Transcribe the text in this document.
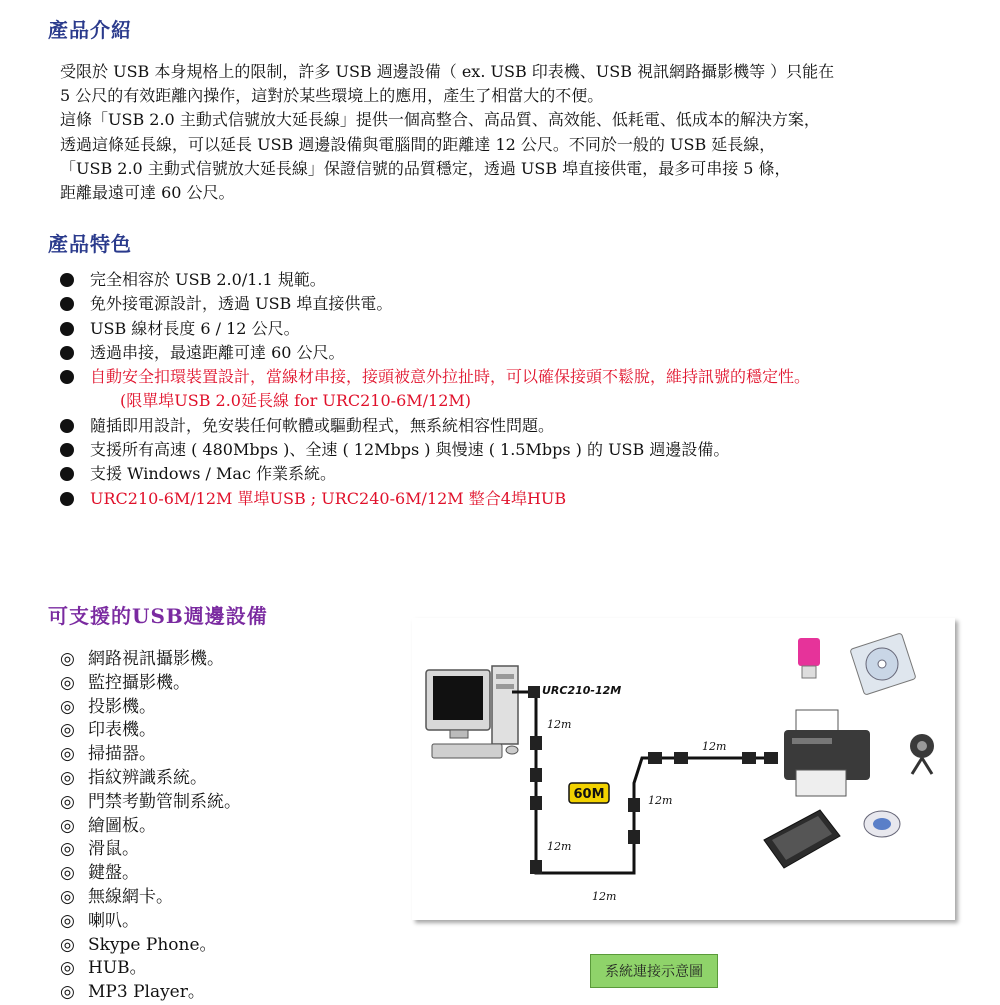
產品介紹

受限於 USB 本身規格上的限制，許多 USB 週邊設備（ ex. USB 印表機、USB 視訊網路攝影機等 ）只能在

5 公尺的有效距離內操作，這對於某些環境上的應用，產生了相當大的不便。

這條「USB 2.0 主動式信號放大延長線」提供一個高整合、高品質、高效能、低耗電、低成本的解決方案，

透過這條延長線，可以延長 USB 週邊設備與電腦間的距離達 12 公尺。不同於一般的 USB 延長線，

「USB 2.0 主動式信號放大延長線」保證信號的品質穩定，透過 USB 埠直接供電，最多可串接 5 條，

距離最遠可達 60 公尺。

產品特色
完全相容於 USB 2.0/1.1 規範。
免外接電源設計，透過 USB 埠直接供電。
USB 線材長度 6 / 12 公尺。
透過串接，最遠距離可達 60 公尺。
自動安全扣環裝置設計，當線材串接，接頭被意外拉扯時，可以確保接頭不鬆脫，維持訊號的穩定性。
(限單埠USB 2.0延長線 for URC210-6M/12M)
隨插即用設計，免安裝任何軟體或驅動程式，無系統相容性問題。
支援所有高速 ( 480Mbps )、全速 ( 12Mbps ) 與慢速 ( 1.5Mbps ) 的 USB 週邊設備。
支援 Windows / Mac 作業系統。
URC210-6M/12M 單埠USB ; URC240-6M/12M 整合4埠HUB
可支援的USB週邊設備
◎ 網路視訊攝影機。
◎ 監控攝影機。
◎ 投影機。
◎ 印表機。
◎ 掃描器。
◎ 指紋辨識系統。
◎ 門禁考勤管制系統。
◎ 繪圖板。
◎ 滑鼠。
◎ 鍵盤。
◎ 無線網卡。
◎ 喇叭。
◎ Skype Phone。
◎ HUB。
◎ MP3 Player。
URC210-12M
60M
12m
12m
12m
12m
12m
系統連接示意圖
